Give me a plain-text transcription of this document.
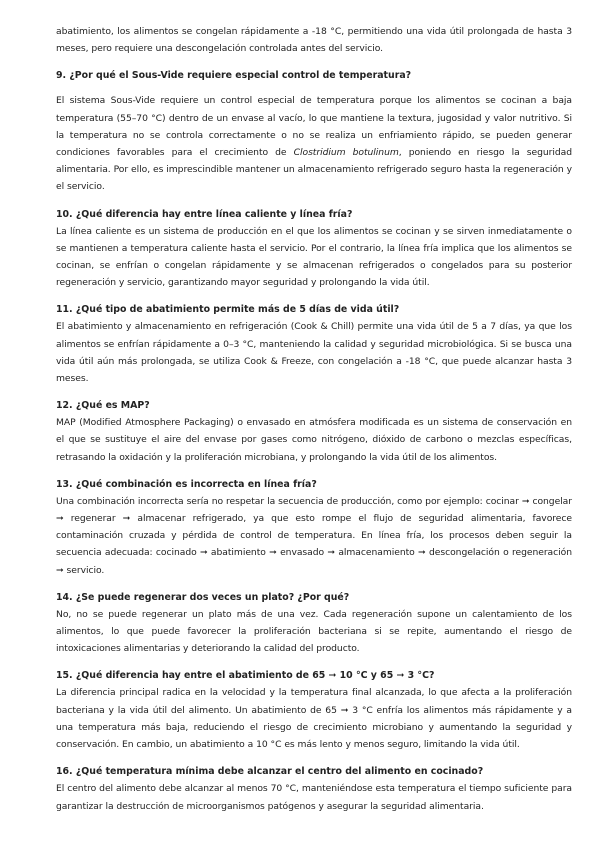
abatimiento, los alimentos se congelan rápidamente a -18 °C, permitiendo una vida útil prolongada de hasta 3 meses, pero requiere una descongelación controlada antes del servicio.

9. ¿Por qué el Sous-Vide requiere especial control de temperatura?

El sistema Sous-Vide requiere un control especial de temperatura porque los alimentos se cocinan a baja temperatura (55–70 °C) dentro de un envase al vacío, lo que mantiene la textura, jugosidad y valor nutritivo. Si la temperatura no se controla correctamente o no se realiza un enfriamiento rápido, se pueden generar condiciones favorables para el crecimiento de Clostridium botulinum, poniendo en riesgo la seguridad alimentaria. Por ello, es imprescindible mantener un almacenamiento refrigerado seguro hasta la regeneración y el servicio.

10. ¿Qué diferencia hay entre línea caliente y línea fría?

La línea caliente es un sistema de producción en el que los alimentos se cocinan y se sirven inmediatamente o se mantienen a temperatura caliente hasta el servicio. Por el contrario, la línea fría implica que los alimentos se cocinan, se enfrían o congelan rápidamente y se almacenan refrigerados o congelados para su posterior regeneración y servicio, garantizando mayor seguridad y prolongando la vida útil.

11. ¿Qué tipo de abatimiento permite más de 5 días de vida útil?

El abatimiento y almacenamiento en refrigeración (Cook & Chill) permite una vida útil de 5 a 7 días, ya que los alimentos se enfrían rápidamente a 0–3 °C, manteniendo la calidad y seguridad microbiológica. Si se busca una vida útil aún más prolongada, se utiliza Cook & Freeze, con congelación a -18 °C, que puede alcanzar hasta 3 meses.

12. ¿Qué es MAP?

MAP (Modified Atmosphere Packaging) o envasado en atmósfera modificada es un sistema de conservación en el que se sustituye el aire del envase por gases como nitrógeno, dióxido de carbono o mezclas específicas, retrasando la oxidación y la proliferación microbiana, y prolongando la vida útil de los alimentos.

13. ¿Qué combinación es incorrecta en línea fría?

Una combinación incorrecta sería no respetar la secuencia de producción, como por ejemplo: cocinar ➞ congelar ➞ regenerar ➞ almacenar refrigerado, ya que esto rompe el flujo de seguridad alimentaria, favorece contaminación cruzada y pérdida de control de temperatura. En línea fría, los procesos deben seguir la secuencia adecuada: cocinado ➞ abatimiento ➞ envasado ➞ almacenamiento ➞ descongelación o regeneración ➞ servicio.

14. ¿Se puede regenerar dos veces un plato? ¿Por qué?

No, no se puede regenerar un plato más de una vez. Cada regeneración supone un calentamiento de los alimentos, lo que puede favorecer la proliferación bacteriana si se repite, aumentando el riesgo de intoxicaciones alimentarias y deteriorando la calidad del producto.

15. ¿Qué diferencia hay entre el abatimiento de 65 ➞ 10 °C y 65 ➞ 3 °C?

La diferencia principal radica en la velocidad y la temperatura final alcanzada, lo que afecta a la proliferación bacteriana y la vida útil del alimento. Un abatimiento de 65 ➞ 3 °C enfría los alimentos más rápidamente y a una temperatura más baja, reduciendo el riesgo de crecimiento microbiano y aumentando la seguridad y conservación. En cambio, un abatimiento a 10 °C es más lento y menos seguro, limitando la vida útil.

16. ¿Qué temperatura mínima debe alcanzar el centro del alimento en cocinado?

El centro del alimento debe alcanzar al menos 70 °C, manteniéndose esta temperatura el tiempo suficiente para garantizar la destrucción de microorganismos patógenos y asegurar la seguridad alimentaria.
